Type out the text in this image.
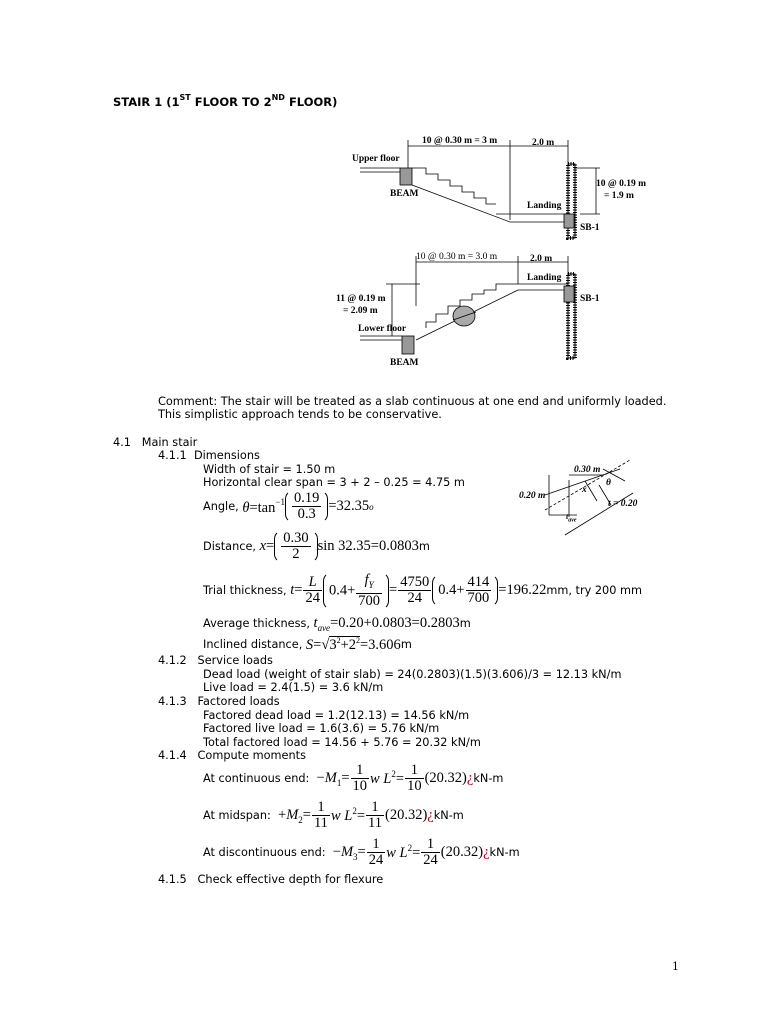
STAIR 1 (1ST FLOOR TO 2ND FLOOR)
10 @ 0.30 m = 3 m	2.0 m
Upper floor
BEAM
Landing
SB-1
10 @ 0.19 m
= 1.9 m
10 @ 0.30 m = 3.0 m	2.0 m
Landing
SB-1
11 @ 0.19 m
= 2.09 m
Lower floor
BEAM
Comment: The stair will be treated as a slab continuous at one end and uniformly loaded.
This simplistic approach tends to be conservative.
4.1 Main stair
4.1.1 Dimensions
Width of stair = 1.50 m
Horizontal clear span = 3 + 2 – 0.25 = 4.75 m
0.30 m
0.20 m
x
θ
t = 0.20
$t_{ave}$
Angle,
$\theta=\tan^{-1} \frac{0.19}{0.3} =32.35$ o
Distance,
$x= \frac{0.30}{2}$ sin 32.35=0.0803 m
Trial thickness,
$t= \frac{L}{24} 0.4+ \frac{f_Y}{700} = \frac{4750}{24} 0.4+ \frac{414}{700} =196.22$ mm, try 200 mm
Average thickness,
$t_{ave}=0.20+0.0803=0.2803$ m
Inclined distance,
$S=√3^2+2^2=3.606$ m
4.1.2 Service loads
Dead load (weight of stair slab) = 24(0.2803)(1.5)(3.606)/3 = 12.13 kN/m
Live load = 2.4(1.5) = 3.6 kN/m
4.1.3 Factored loads
Factored dead load = 1.2(12.13) = 14.56 kN/m
Factored live load = 1.6(3.6) = 5.76 kN/m
Total factored load = 14.56 + 5.76 = 20.32 kN/m
4.1.4 Compute moments
At continuous end:
$-M_1= \frac{1}{10}$ w $L^2= \frac{1}{10} (20.32)$ ¿ kN-m
At midspan:
$+M_2= \frac{1}{11}$ w $L^2= \frac{1}{11} (20.32)$ ¿ kN-m
At discontinuous end:
$-M_3= \frac{1}{24}$ w $L^2= \frac{1}{24} (20.32)$ ¿ kN-m
4.1.5 Check effective depth for flexure
1
